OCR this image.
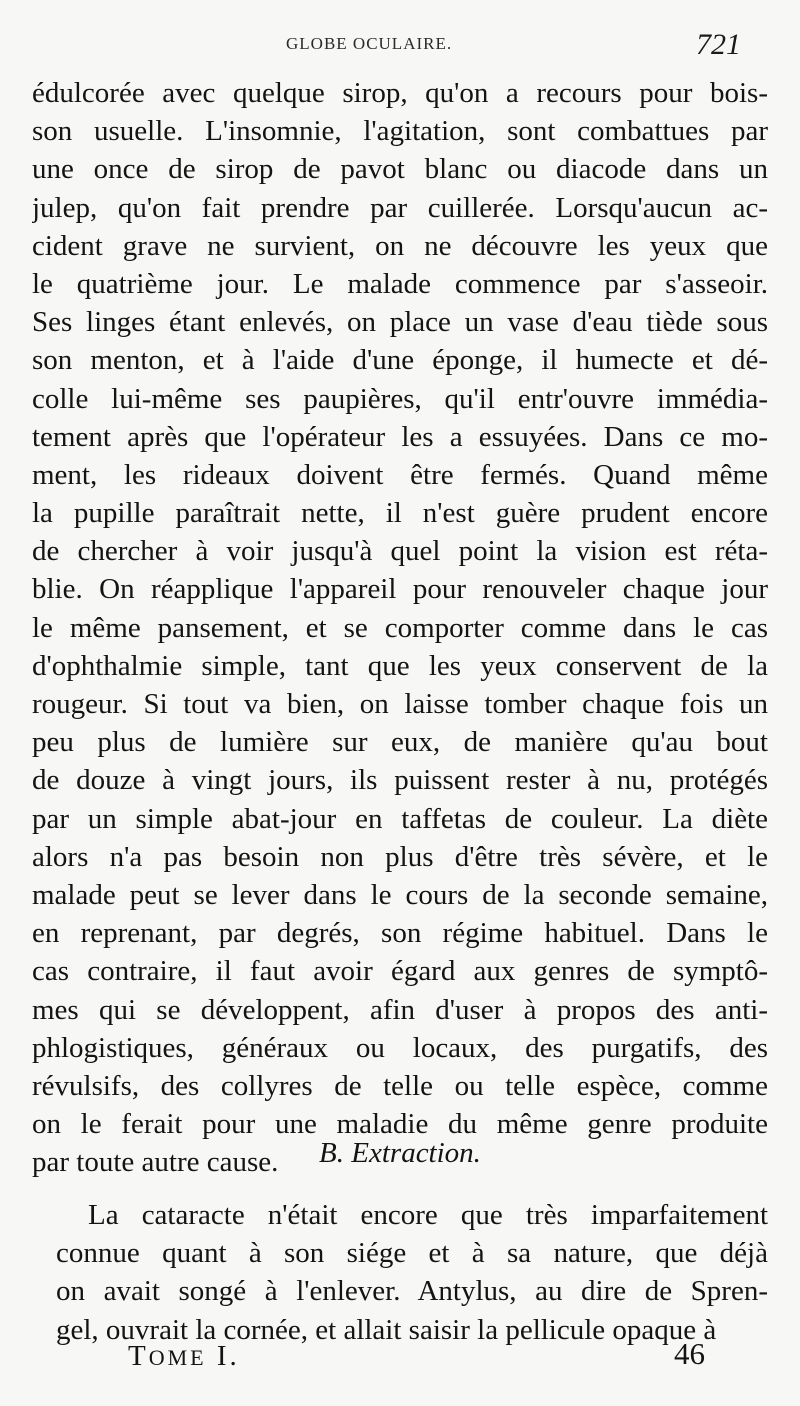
GLOBE OCULAIRE.	721
édulcorée avec quelque sirop, qu'on a recours pour bois-
son usuelle. L'insomnie, l'agitation, sont combattues par
une once de sirop de pavot blanc ou diacode dans un
julep, qu'on fait prendre par cuillerée. Lorsqu'aucun ac-
cident grave ne survient, on ne découvre les yeux que
le quatrième jour. Le malade commence par s'asseoir.
Ses linges étant enlevés, on place un vase d'eau tiède sous
son menton, et à l'aide d'une éponge, il humecte et dé-
colle lui-même ses paupières, qu'il entr'ouvre immédia-
tement après que l'opérateur les a essuyées. Dans ce mo-
ment, les rideaux doivent être fermés. Quand même
la pupille paraîtrait nette, il n'est guère prudent encore
de chercher à voir jusqu'à quel point la vision est réta-
blie. On réapplique l'appareil pour renouveler chaque jour
le même pansement, et se comporter comme dans le cas
d'ophthalmie simple, tant que les yeux conservent de la
rougeur. Si tout va bien, on laisse tomber chaque fois un
peu plus de lumière sur eux, de manière qu'au bout
de douze à vingt jours, ils puissent rester à nu, protégés
par un simple abat-jour en taffetas de couleur. La diète
alors n'a pas besoin non plus d'être très sévère, et le
malade peut se lever dans le cours de la seconde semaine,
en reprenant, par degrés, son régime habituel. Dans le
cas contraire, il faut avoir égard aux genres de symptô-
mes qui se développent, afin d'user à propos des anti-
phlogistiques, généraux ou locaux, des purgatifs, des
révulsifs, des collyres de telle ou telle espèce, comme
on le ferait pour une maladie du même genre produite
par toute autre cause.	B. Extraction.
La cataracte n'était encore que très imparfaitement
connue quant à son siége et à sa nature, que déjà
on avait songé à l'enlever. Antylus, au dire de Spren-
gel, ouvrait la cornée, et allait saisir la pellicule opaque à
TOME I.	46
